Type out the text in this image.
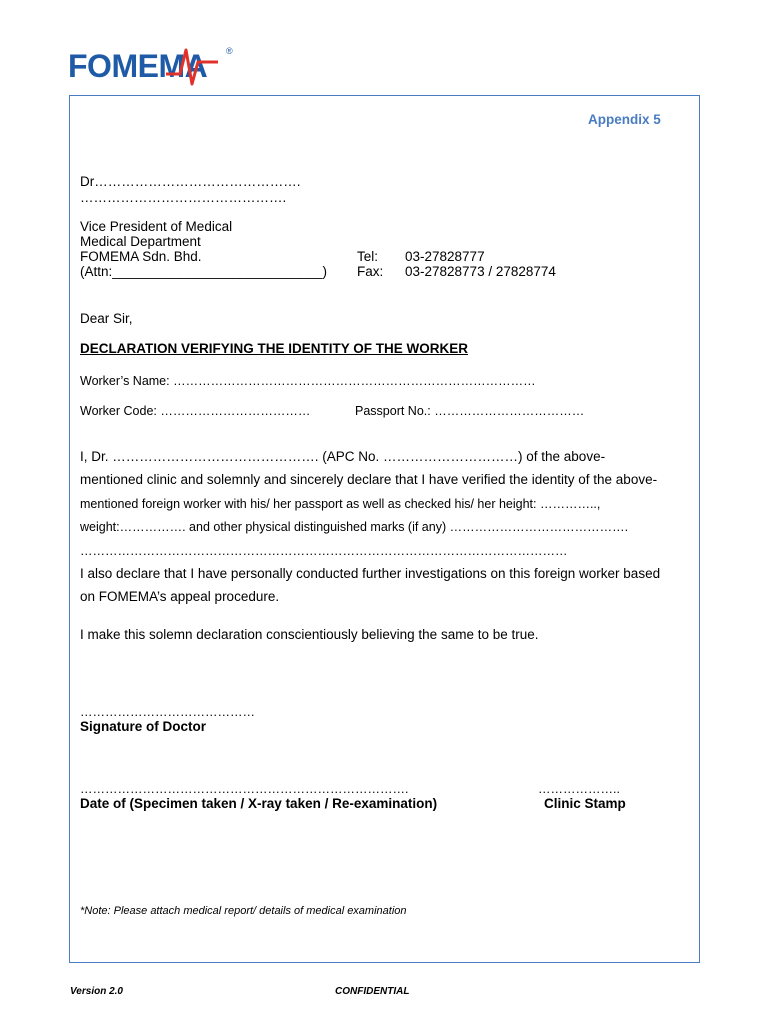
FOMEMA ®
Appendix 5
Dr……………………………………….
……………………………………….
Vice President of Medical
Medical Department
FOMEMA Sdn. Bhd.
(Attn:____________________________)
Tel: 03-27828777
Fax: 03-27828773 / 27828774
Dear Sir,
DECLARATION VERIFYING THE IDENTITY OF THE WORKER
Worker’s Name: ……………………………………………………………………………
Worker Code: ………………………………	Passport No.: ………………………………
I, Dr. ………………………………………. (APC No. …………………………) of the above-
mentioned clinic and solemnly and sincerely declare that I have verified the identity of the above-
mentioned foreign worker with his/ her passport as well as checked his/ her height: …………..,
weight:……………. and other physical distinguished marks (if any) …………………………………….
………………………………………………………………………………………………………
I also declare that I have personally conducted further investigations on this foreign worker based
on FOMEMA’s appeal procedure.
I make this solemn declaration conscientiously believing the same to be true.
……………………………………
Signature of Doctor
…………………………………………………………………….
Date of (Specimen taken / X-ray taken / Re-examination)
………………..
Clinic Stamp
*Note: Please attach medical report/ details of medical examination
Version 2.0	CONFIDENTIAL
